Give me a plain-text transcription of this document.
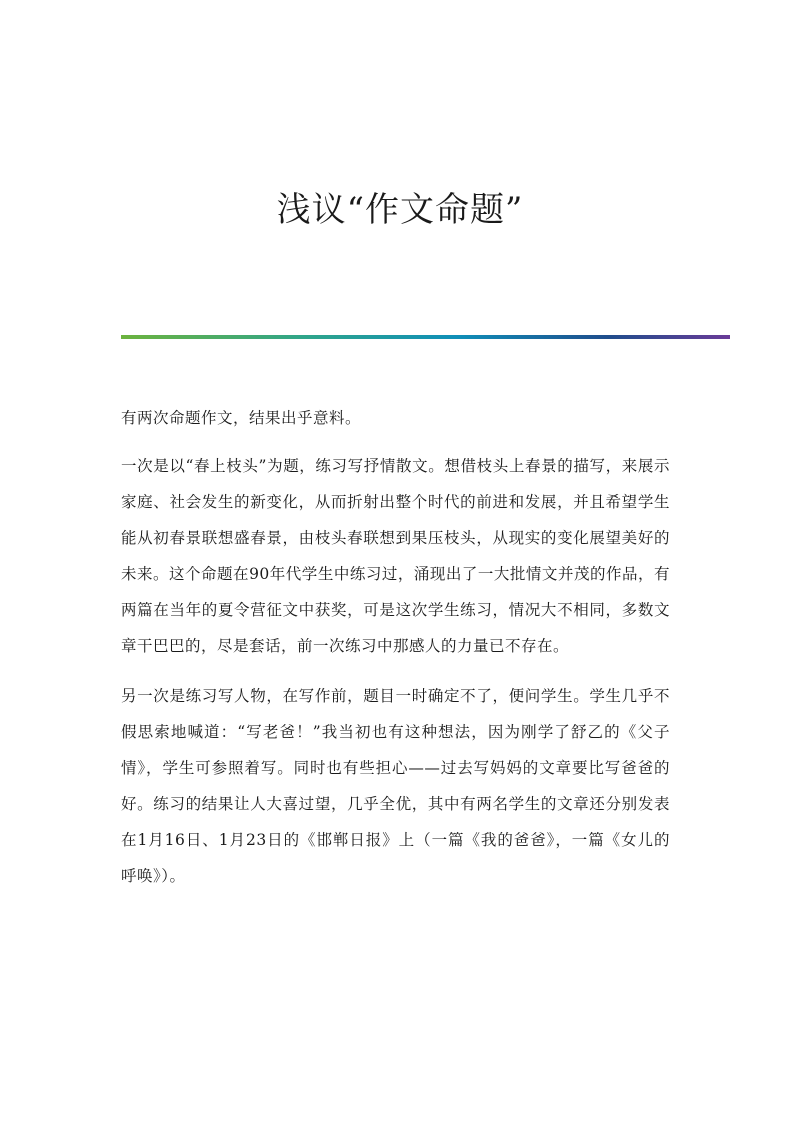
浅议“作文命题”

有两次命题作文，结果出乎意料。

一次是以“春上枝头”为题，练习写抒情散文。想借枝头上春景的描写，来展示家庭、社会发生的新变化，从而折射出整个时代的前进和发展，并且希望学生能从初春景联想盛春景，由枝头春联想到果压枝头，从现实的变化展望美好的未来。这个命题在90年代学生中练习过，涌现出了一大批情文并茂的作品，有两篇在当年的夏令营征文中获奖，可是这次学生练习，情况大不相同，多数文章干巴巴的，尽是套话，前一次练习中那感人的力量已不存在。

另一次是练习写人物，在写作前，题目一时确定不了，便问学生。学生几乎不假思索地喊道：“写老爸！”我当初也有这种想法，因为刚学了舒乙的《父子情》，学生可参照着写。同时也有些担心——过去写妈妈的文章要比写爸爸的好。练习的结果让人大喜过望，几乎全优，其中有两名学生的文章还分别发表在1月16日、1月23日的《邯郸日报》上（一篇《我的爸爸》，一篇《女儿的呼唤》）。
